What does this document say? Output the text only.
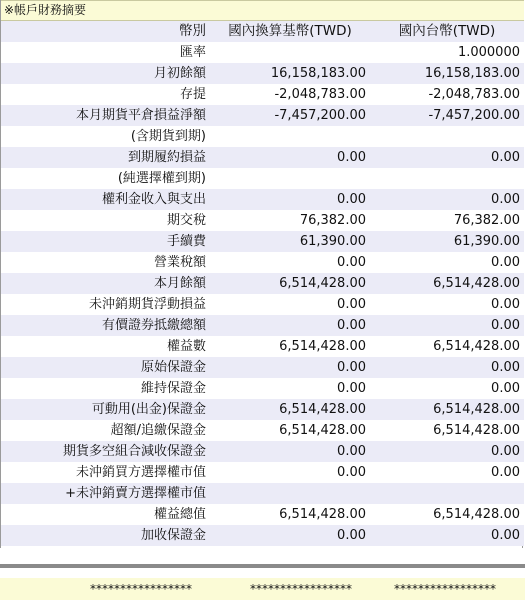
※帳戶財務摘要
幣別	國內換算基幣(TWD)	國內台幣(TWD)
匯率		1.000000
月初餘額	16,158,183.00	16,158,183.00
存提	-2,048,783.00	-2,048,783.00
本月期貨平倉損益淨額	-7,457,200.00	-7,457,200.00
(含期貨到期)		
到期履約損益	0.00	0.00
(純選擇權到期)		
權利金收入與支出	0.00	0.00
期交稅	76,382.00	76,382.00
手續費	61,390.00	61,390.00
營業稅額	0.00	0.00
本月餘額	6,514,428.00	6,514,428.00
未沖銷期貨浮動損益	0.00	0.00
有價證券抵繳總額	0.00	0.00
權益數	6,514,428.00	6,514,428.00
原始保證金	0.00	0.00
維持保證金	0.00	0.00
可動用(出金)保證金	6,514,428.00	6,514,428.00
超額/追繳保證金	6,514,428.00	6,514,428.00
期貨多空組合減收保證金	0.00	0.00
未沖銷買方選擇權市值	0.00	0.00
+未沖銷賣方選擇權市值		
權益總值	6,514,428.00	6,514,428.00
加收保證金	0.00	0.00
*****************	*****************	*****************
